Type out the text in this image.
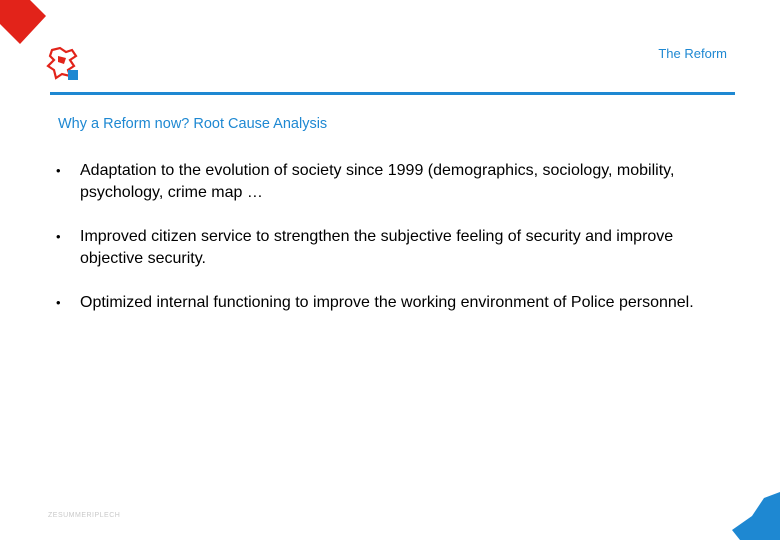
The Reform
Why a Reform now? Root Cause Analysis
• Adaptation to the evolution of society since 1999 (demographics, sociology, mobility, psychology, crime map …
• Improved citizen service to strengthen the subjective feeling of security and improve objective security.
• Optimized internal functioning to improve the working environment of Police personnel.
ZESUMMERIPLECH
